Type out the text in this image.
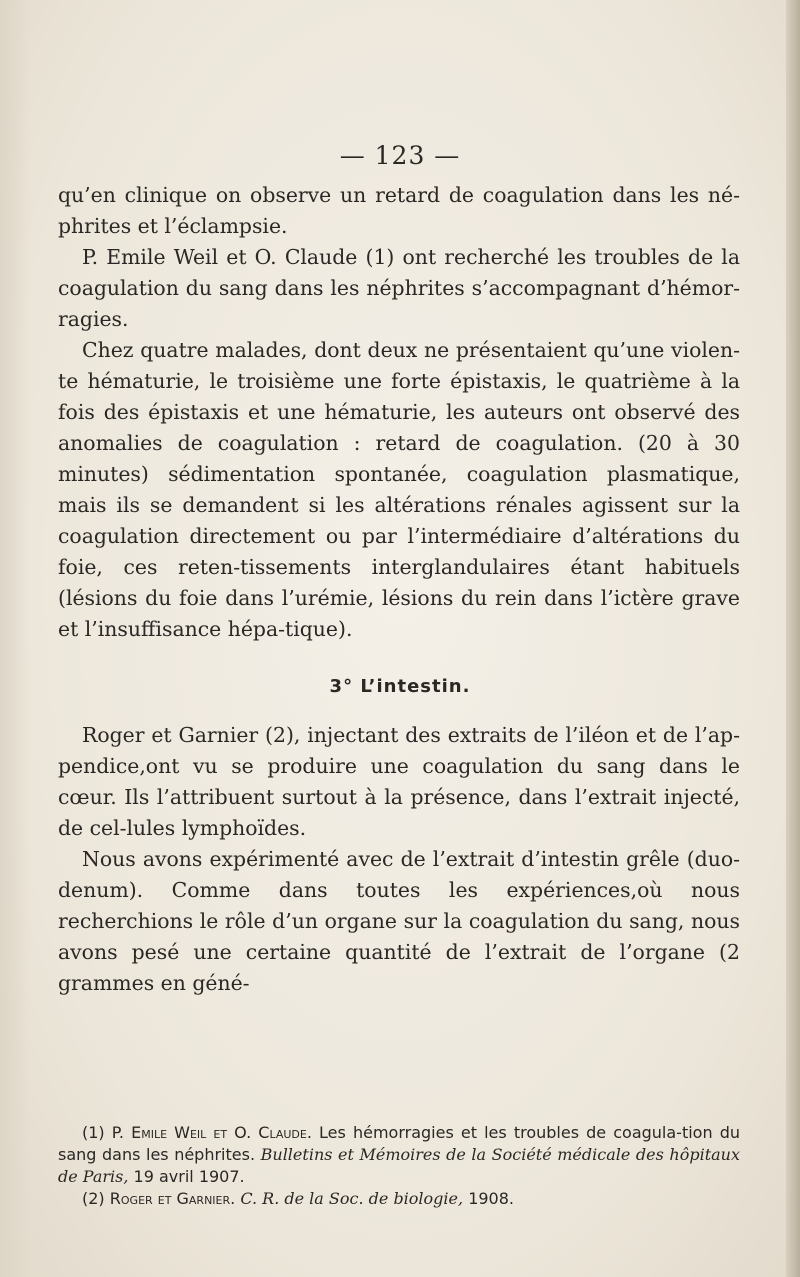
— 123 —

qu’en clinique on observe un retard de coagulation dans les né-phrites et l’éclampsie.

P. Emile Weil et O. Claude (1) ont recherché les troubles de la coagulation du sang dans les néphrites s’accompagnant d’hémor-ragies.

Chez quatre malades, dont deux ne présentaient qu’une violen-te hématurie, le troisième une forte épistaxis, le quatrième à la fois des épistaxis et une hématurie, les auteurs ont observé des anomalies de coagulation : retard de coagulation. (20 à 30 minutes) sédimentation spontanée, coagulation plasmatique, mais ils se demandent si les altérations rénales agissent sur la coagulation directement ou par l’intermédiaire d’altérations du foie, ces reten-tissements interglandulaires étant habituels (lésions du foie dans l’urémie, lésions du rein dans l’ictère grave et l’insuffisance hépa-tique).

3° L’intestin.

Roger et Garnier (2), injectant des extraits de l’iléon et de l’ap-pendice,ont vu se produire une coagulation du sang dans le cœur. Ils l’attribuent surtout à la présence, dans l’extrait injecté, de cel-lules lymphoïdes.

Nous avons expérimenté avec de l’extrait d’intestin grêle (duo-denum). Comme dans toutes les expériences,où nous recherchions le rôle d’un organe sur la coagulation du sang, nous avons pesé une certaine quantité de l’extrait de l’organe (2 grammes en géné-

(1) P. Emile Weil et O. Claude. Les hémorragies et les troubles de coagula-tion du sang dans les néphrites. Bulletins et Mémoires de la Société médicale des hôpitaux de Paris, 19 avril 1907.

(2) Roger et Garnier. C. R. de la Soc. de biologie, 1908.
